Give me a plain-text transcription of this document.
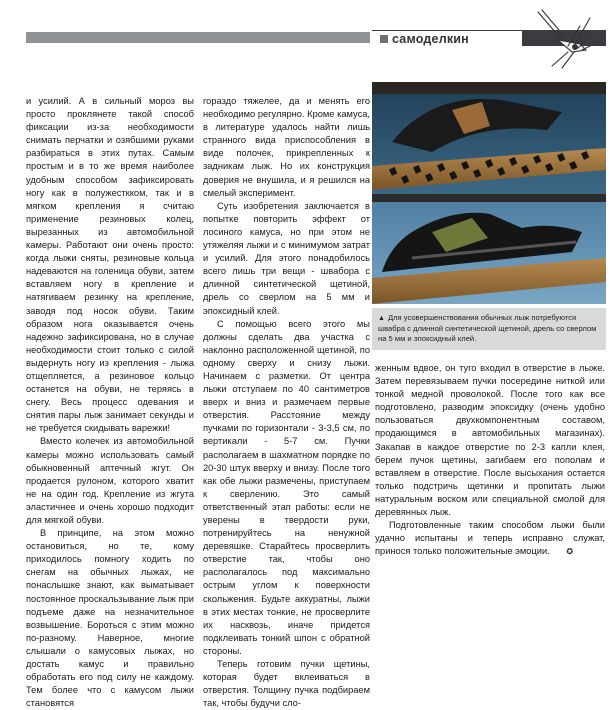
самоделкин

и усилий. А в сильный мороз вы просто проклянете такой способ фиксации из-за необходимости снимать перчатки и озябшими руками разбираться в этих путах. Самым простым и в то же время наиболее удобным способом зафиксировать ногу как в полужесткком, так и в мягком крепления я считаю применение резиновых колец, вырезанных из автомобильной камеры. Работают они очень просто: когда лыжи сняты, резиновые кольца надеваются на голеница обуви, затем вставляем ногу в крепление и натягиваем резинку на крепление, заводя под носок обуви. Таким образом нога оказывается очень надежно зафиксирована, но в случае необходимости стоит только с силой выдернуть ногу из крепления - лыжа отщепляется, а резиновое кольцо останется на обуви, не теряясь в снегу. Весь процесс одевания и снятия пары лыж занимает секунды и не требуется скидывать варежки!

Вместо колечек из автомобильной камеры можно использовать самый обыкновенный аптечный жгут. Он продается рулоном, которого хватит не на один год. Крепление из жгута эластичнее и очень хорошо подходит для мягкой обуви.

В принципе, на этом можно остановиться, но те, кому приходилось помногу ходить по снегам на обычных лыжах, не понаслышке знают, как выматывает постоянное проскальзывание лыж при подъеме даже на незначительное возвышение. Бороться с этим можно по-разному. Наверное, многие слышали о камусовых лыжах, но достать камус и правильно обработать его под силу не каждому. Тем более что с камусом лыжи становятся

гораздо тяжелее, да и менять его необходимо регулярно. Кроме камуса, в литературе удалось найти лишь странного вида приспособления в виде полочек, прикрепленных к задникам лыж. Но их конструкция доверия не внушила, и я решился на смелый эксперимент.

Суть изобретения заключается в попытке повторить эффект от лосиного камуса, но при этом не утяжеляя лыжи и с минимумом затрат и усилий. Для этого понадобилось всего лишь три вещи - шваборa с длинной синтетической щетиной, дрель со сверлом на 5 мм и эпоксидный клей.

С помощью всего этого мы должны сделать два участка с наклонно расположенной щетиной, по одному сверху и снизу лыжи. Начинаем с разметки. От центра лыжи отступаем по 40 сантиметров вверх и вниз и размечаем первые отверстия. Расстояние между пучками по горизонтали - 3-3,5 см, по вертикали - 5-7 см. Пучки располагаем в шахматном порядке по 20-30 штук вверху и внизу. После того как обе лыжи размечены, приступаем к сверлению. Это самый ответственный этап работы: если не уверены в твердости руки, потренируйтесь на ненужной деревяшке. Старайтесь просверлить отверстие так, чтобы оно располагалось под максимально острым углом к поверхности скольжения. Будьте аккуратны, лыжи в этих местах тонкие, не просверлите их насквозь, иначе придется подклеивать тонкий шпон с обратной стороны.

Теперь готовим пучки щетины, которая будет вклеиваться в отверстия. Толщину пучка подбираем так, чтобы будучи сло-

▲ Для усовершенствования обычных лыж потребуются швабра с длинной синтетической щетиной, дрель со сверлом на 5 мм и эпоксидный клей.

женным вдвое, он туго входил в отверстие в лыже. Затем перевязываем пучки посередине ниткой или тонкой медной проволокой. После того как все подготовлено, разводим эпоксидку (очень удобно пользоваться двухкомпонентным составом, продающимся в автомобильных магазинах). Закапав в каждое отверстие по 2-3 капли клея, берем пучок щетины, загибаем его пополам и вставляем в отверстие. После высыхания остается только подстричь щетинки и пропитать лыжи натуральным воском или специальной смолой для деревянных лыж.

Подготовленные таким способом лыжи были удачно испытаны и теперь исправно служат, принося только положительные эмоции. ✪
